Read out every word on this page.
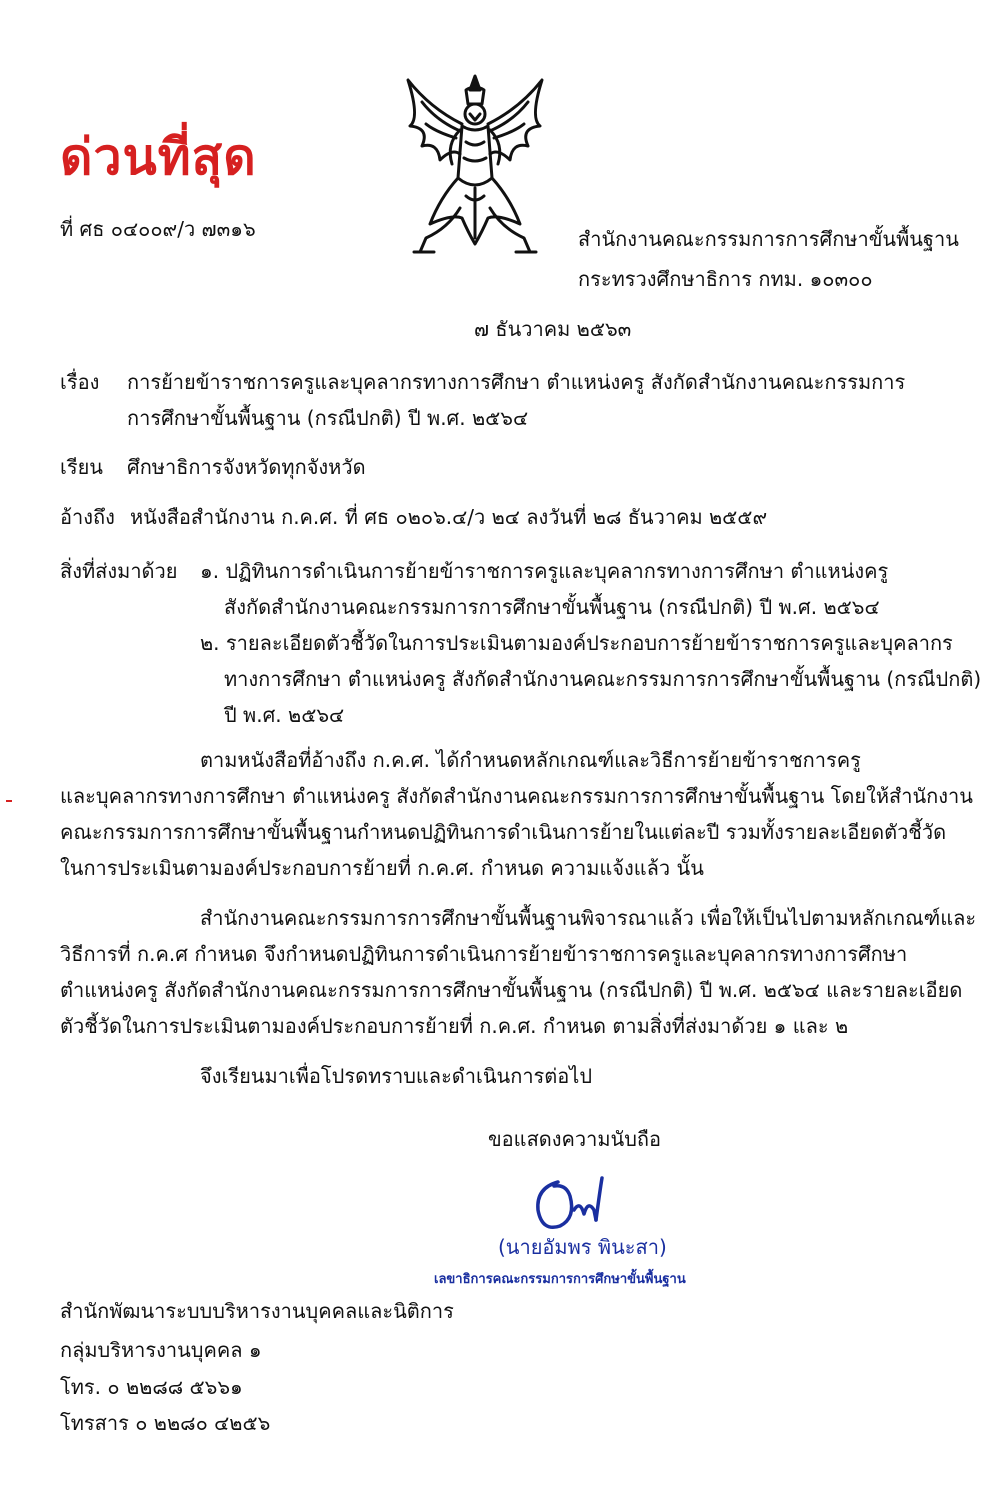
ด่วนที่สุด
ที่ ศธ ๐๔๐๐๙/ว ๗๓๑๖	สำนักงานคณะกรรมการการศึกษาขั้นพื้นฐาน
กระทรวงศึกษาธิการ กทม. ๑๐๓๐๐
๗ ธันวาคม ๒๕๖๓
เรื่อง การย้ายข้าราชการครูและบุคลากรทางการศึกษา ตำแหน่งครู สังกัดสำนักงานคณะกรรมการ
การศึกษาขั้นพื้นฐาน (กรณีปกติ) ปี พ.ศ. ๒๕๖๔
เรียน ศึกษาธิการจังหวัดทุกจังหวัด
อ้างถึง หนังสือสำนักงาน ก.ค.ศ. ที่ ศธ ๐๒๐๖.๔/ว ๒๔ ลงวันที่ ๒๘ ธันวาคม ๒๕๕๙
สิ่งที่ส่งมาด้วย ๑. ปฏิทินการดำเนินการย้ายข้าราชการครูและบุคลากรทางการศึกษา ตำแหน่งครู
สังกัดสำนักงานคณะกรรมการการศึกษาขั้นพื้นฐาน (กรณีปกติ) ปี พ.ศ. ๒๕๖๔
๒. รายละเอียดตัวชี้วัดในการประเมินตามองค์ประกอบการย้ายข้าราชการครูและบุคลากร
ทางการศึกษา ตำแหน่งครู สังกัดสำนักงานคณะกรรมการการศึกษาขั้นพื้นฐาน (กรณีปกติ)
ปี พ.ศ. ๒๕๖๔
ตามหนังสือที่อ้างถึง ก.ค.ศ. ได้กำหนดหลักเกณฑ์และวิธีการย้ายข้าราชการครู
และบุคลากรทางการศึกษา ตำแหน่งครู สังกัดสำนักงานคณะกรรมการการศึกษาขั้นพื้นฐาน โดยให้สำนักงาน
คณะกรรมการการศึกษาขั้นพื้นฐานกำหนดปฏิทินการดำเนินการย้ายในแต่ละปี รวมทั้งรายละเอียดตัวชี้วัด
ในการประเมินตามองค์ประกอบการย้ายที่ ก.ค.ศ. กำหนด ความแจ้งแล้ว นั้น
สำนักงานคณะกรรมการการศึกษาขั้นพื้นฐานพิจารณาแล้ว เพื่อให้เป็นไปตามหลักเกณฑ์และ
วิธีการที่ ก.ค.ศ กำหนด จึงกำหนดปฏิทินการดำเนินการย้ายข้าราชการครูและบุคลากรทางการศึกษา
ตำแหน่งครู สังกัดสำนักงานคณะกรรมการการศึกษาขั้นพื้นฐาน (กรณีปกติ) ปี พ.ศ. ๒๕๖๔ และรายละเอียด
ตัวชี้วัดในการประเมินตามองค์ประกอบการย้ายที่ ก.ค.ศ. กำหนด ตามสิ่งที่ส่งมาด้วย ๑ และ ๒
จึงเรียนมาเพื่อโปรดทราบและดำเนินการต่อไป
ขอแสดงความนับถือ
(นายอัมพร พินะสา)
เลขาธิการคณะกรรมการการศึกษาขั้นพื้นฐาน
สำนักพัฒนาระบบบริหารงานบุคคลและนิติการ
กลุ่มบริหารงานบุคคล ๑
โทร. ๐ ๒๒๘๘ ๕๖๖๑
โทรสาร ๐ ๒๒๘๐ ๔๒๕๖
